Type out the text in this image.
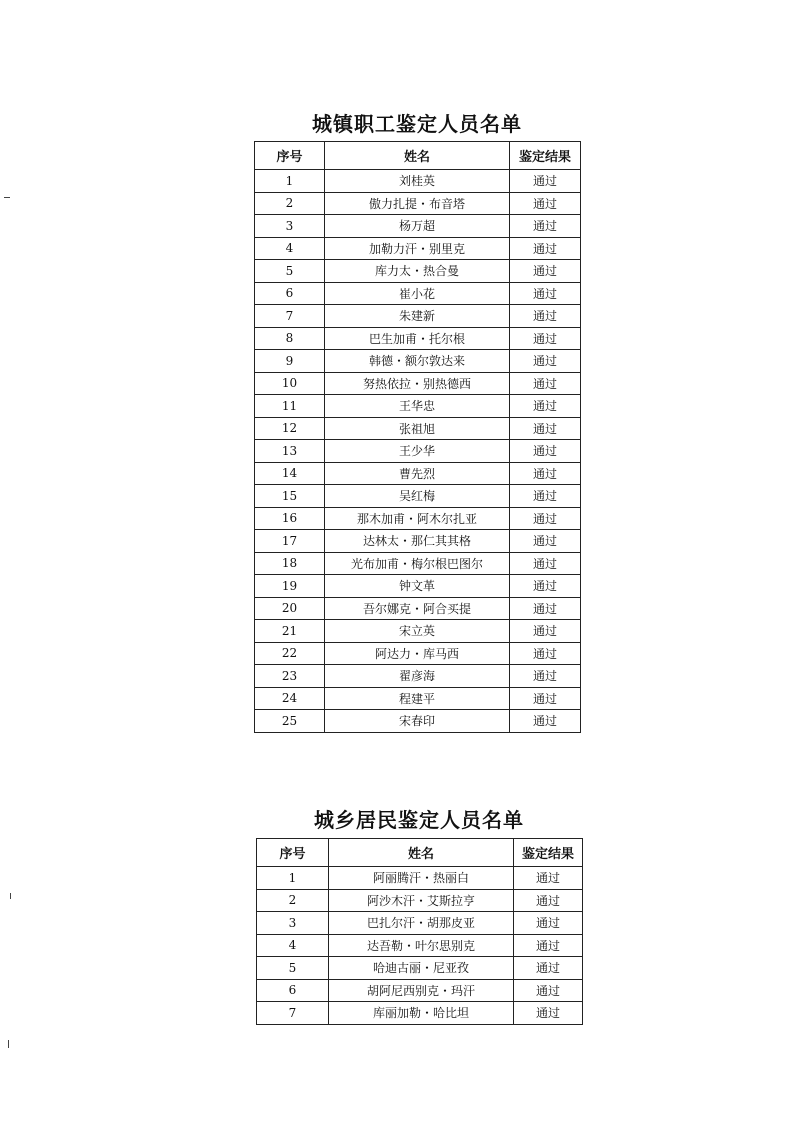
城镇职工鉴定人员名单
序号	姓名	鉴定结果
1	刘桂英	通过
2	傲力扎提・布音塔	通过
3	杨万超	通过
4	加勒力汗・别里克	通过
5	库力太・热合曼	通过
6	崔小花	通过
7	朱建新	通过
8	巴生加甫・托尔根	通过
9	韩德・额尔敦达来	通过
10	努热依拉・别热德西	通过
11	王华忠	通过
12	张祖旭	通过
13	王少华	通过
14	曹先烈	通过
15	吴红梅	通过
16	那木加甫・阿木尔扎亚	通过
17	达林太・那仁其其格	通过
18	光布加甫・梅尔根巴图尔	通过
19	钟文革	通过
20	吾尔娜克・阿合买提	通过
21	宋立英	通过
22	阿达力・库马西	通过
23	翟彦海	通过
24	程建平	通过
25	宋春印	通过
城乡居民鉴定人员名单
序号	姓名	鉴定结果
1	阿丽腾汗・热丽白	通过
2	阿沙木汗・艾斯拉亨	通过
3	巴扎尔汗・胡那皮亚	通过
4	达吾勒・叶尔思别克	通过
5	哈迪古丽・尼亚孜	通过
6	胡阿尼西别克・玛汗	通过
7	库丽加勒・哈比坦	通过
